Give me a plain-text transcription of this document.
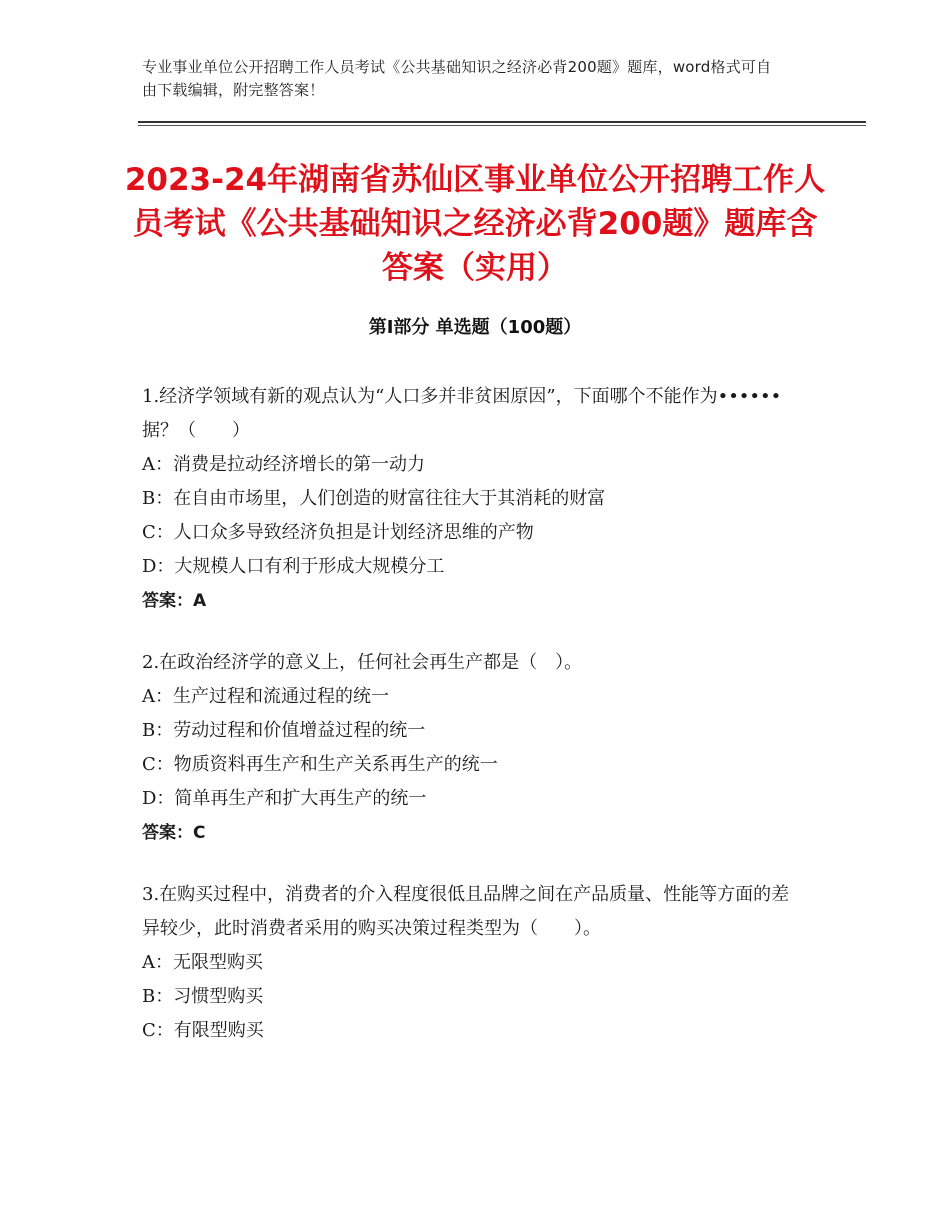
专业事业单位公开招聘工作人员考试《公共基础知识之经济必背200题》题库，word格式可自由下载编辑，附完整答案！
2023-24年湖南省苏仙区事业单位公开招聘工作人员考试《公共基础知识之经济必背200题》题库含答案（实用）
第Ⅰ部分 单选题（100题）
1.经济学领域有新的观点认为“人口多并非贫困原因”，下面哪个不能作为••••••据？（　　）
A：消费是拉动经济增长的第一动力
B：在自由市场里，人们创造的财富往往大于其消耗的财富
C：人口众多导致经济负担是计划经济思维的产物
D：大规模人口有利于形成大规模分工
答案：A
2.在政治经济学的意义上，任何社会再生产都是（　）。
A：生产过程和流通过程的统一
B：劳动过程和价值增益过程的统一
C：物质资料再生产和生产关系再生产的统一
D：简单再生产和扩大再生产的统一
答案：C
3.在购买过程中，消费者的介入程度很低且品牌之间在产品质量、性能等方面的差异较少，此时消费者采用的购买决策过程类型为（　　）。
A：无限型购买
B：习惯型购买
C：有限型购买
